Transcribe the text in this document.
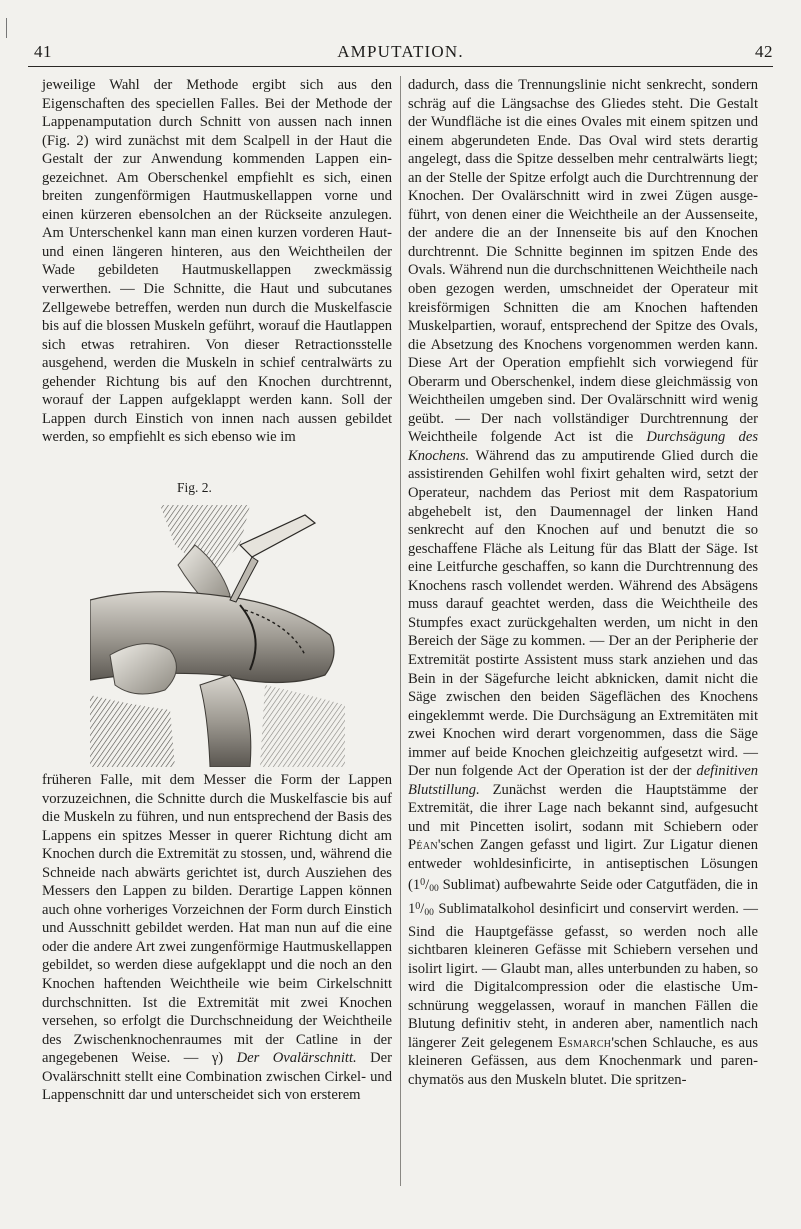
41	AMPUTATION.	42

jeweilige Wahl der Methode ergibt sich aus den Eigenschaften des speciellen Falles. Bei der Methode der Lappenamputation durch Schnitt von aussen nach innen (Fig. 2) wird zunächst mit dem Scalpell in der Haut die Gestalt der zur Anwendung kommenden Lappen eingezeichnet. Am Oberschenkel empfiehlt es sich, einen breiten zungenförmigen Hautmuskellappen vorne und einen kürzeren ebensolchen an der Rückseite anzulegen. Am Unterschenkel kann man einen kurzen vorderen Haut- und einen längeren hinteren, aus den Weichtheilen der Wade gebildeten Hautmuskellappen zweckmässig verwerthen. — Die Schnitte, die Haut und subcutanes Zellgewebe betreffen, werden nun durch die Muskelfascie bis auf die blossen Muskeln geführt, worauf die Hautlappen sich etwas retrahiren. Von dieser Retractionsstelle ausgehend, werden die Muskeln in schief centralwärts zu gehender Richtung bis auf den Knochen durchtrennt, worauf der Lappen aufgeklappt werden kann. Soll der Lappen durch Einstich von innen nach aussen gebildet werden, so empfiehlt es sich ebenso wie im

Fig. 2.

früheren Falle, mit dem Messer die Form der Lappen vorzuzeichnen, die Schnitte durch die Muskelfascie bis auf die Muskeln zu führen, und nun entsprechend der Basis des Lappens ein spitzes Messer in querer Richtung dicht am Knochen durch die Extremität zu stossen, und, während die Schneide nach abwärts gerichtet ist, durch Ausziehen des Messers den Lappen zu bilden. Derartige Lappen können auch ohne vorheriges Vorzeichnen der Form durch Einstich und Ausschnitt gebildet werden. Hat man nun auf die eine oder die andere Art zwei zungenförmige Hautmuskellappen gebildet, so werden diese aufgeklappt und die noch an den Knochen haftenden Weichtheile wie beim Cirkelschnitt durchschnitten. Ist die Extremität mit zwei Knochen versehen, so erfolgt die Durchschneidung der Weichtheile des Zwischenknochenraumes mit der Catline in der angegebenen Weise. — γ) Der Ovalärschnitt. Der Ovalärschnitt stellt eine Combination zwischen Cirkel- und Lappenschnitt dar und unterscheidet sich von ersterem

dadurch, dass die Trennungslinie nicht senkrecht, sondern schräg auf die Längsachse des Gliedes steht. Die Gestalt der Wundfläche ist die eines Ovales mit einem spitzen und einem abgerundeten Ende. Das Oval wird stets derartig angelegt, dass die Spitze desselben mehr centralwärts liegt; an der Stelle der Spitze erfolgt auch die Durchtrennung der Knochen. Der Ovalärschnitt wird in zwei Zügen ausgeführt, von denen einer die Weichtheile an der Aussenseite, der andere die an der Innenseite bis auf den Knochen durchtrennt. Die Schnitte beginnen im spitzen Ende des Ovals. Während nun die durchschnittenen Weichtheile nach oben gezogen werden, umschneidet der Operateur mit kreisförmigen Schnitten die am Knochen haftenden Muskelpartien, worauf, entsprechend der Spitze des Ovals, die Absetzung des Knochens vorgenommen werden kann. Diese Art der Operation empfiehlt sich vorwiegend für Oberarm und Oberschenkel, indem diese gleichmässig von Weichtheilen umgeben sind. Der Ovalärschnitt wird wenig geübt. — Der nach vollständiger Durchtrennung der Weichtheile folgende Act ist die Durchsägung des Knochens. Während das zu amputirende Glied durch die assistirenden Gehilfen wohl fixirt gehalten wird, setzt der Operateur, nachdem das Periost mit dem Raspatorium abgehebelt ist, den Daumennagel der linken Hand senkrecht auf den Knochen auf und benutzt die so geschaffene Fläche als Leitung für das Blatt der Säge. Ist eine Leitfurche geschaffen, so kann die Durchtrennung des Knochens rasch vollendet werden. Während des Absägens muss darauf geachtet werden, dass die Weichtheile des Stumpfes exact zurückgehalten werden, um nicht in den Bereich der Säge zu kommen. — Der an der Peripherie der Extremität postirte Assistent muss stark anziehen und das Bein in der Sägefurche leicht abknicken, damit nicht die Säge zwischen den beiden Sägeflächen des Knochens eingeklemmt werde. Die Durchsägung an Extremitäten mit zwei Knochen wird derart vorgenommen, dass die Säge immer auf beide Knochen gleichzeitig aufgesetzt wird. — Der nun folgende Act der Operation ist der der definitiven Blutstillung. Zunächst werden die Hauptstämme der Extremität, die ihrer Lage nach bekannt sind, aufgesucht und mit Pincetten isolirt, sodann mit Schiebern oder Péan'schen Zangen gefasst und ligirt. Zur Ligatur dienen entweder wohldesinficirte, in antiseptischen Lösungen ($1^0/00$ Sublimat) aufbewahrte Seide oder Catgutfäden, die in $1^0/00$ Sublimatalkohol desinficirt und conservirt werden. — Sind die Hauptgefässe gefasst, so werden noch alle sichtbaren kleineren Gefässe mit Schiebern versehen und isolirt ligirt. — Glaubt man, alles unterbunden zu haben, so wird die Digitalcompression oder die elastische Umschnürung weggelassen, worauf in manchen Fällen die Blutung definitiv steht, in anderen aber, namentlich nach längerer Zeit gelegenem Esmarch'schen Schlauche, es aus kleineren Gefässen, aus dem Knochenmark und parenchymatös aus den Muskeln blutet. Die spritzen-
